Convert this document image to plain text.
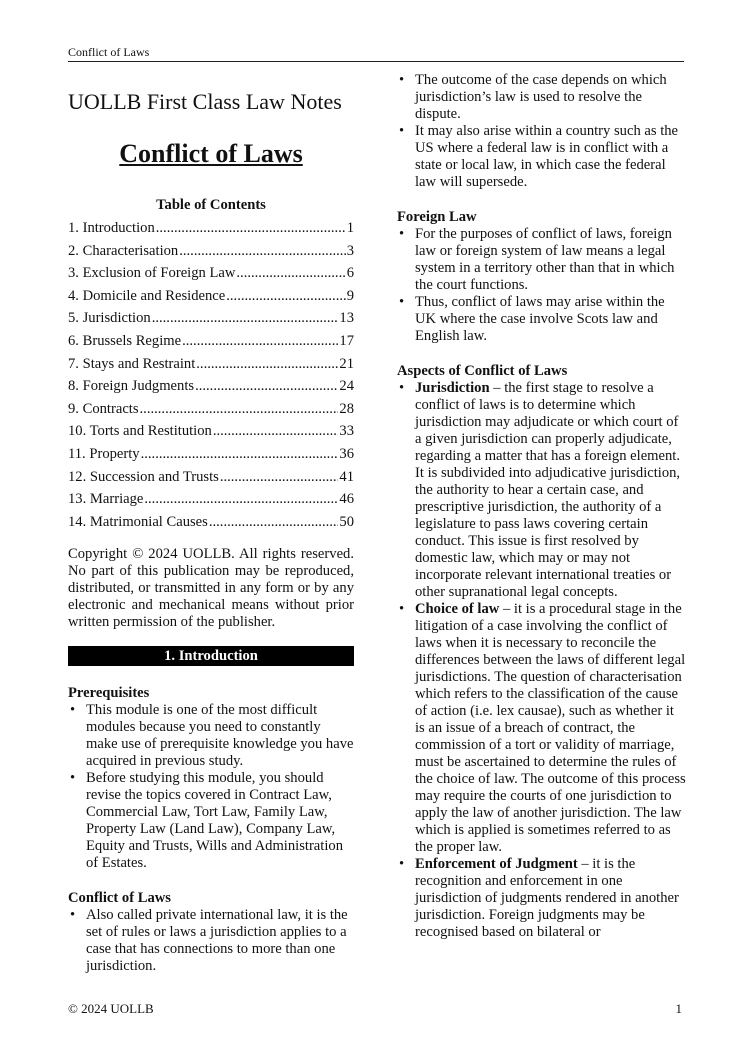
Conflict of Laws
UOLLB First Class Law Notes
Conflict of Laws
Table of Contents
1. Introduction .....	1
2. Characterisation .....	3
3. Exclusion of Foreign Law .....	6
4. Domicile and Residence .....	9
5. Jurisdiction .....	13
6. Brussels Regime .....	17
7. Stays and Restraint .....	21
8. Foreign Judgments .....	24
9. Contracts .....	28
10. Torts and Restitution .....	33
11. Property .....	36
12. Succession and Trusts .....	41
13. Marriage .....	46
14. Matrimonial Causes .....	50
Copyright © 2024 UOLLB. All rights reserved. No part of this publication may be reproduced, distributed, or transmitted in any form or by any electronic and mechanical means without prior written permission of the publisher.
1. Introduction
Prerequisites
• This module is one of the most difficult modules because you need to constantly make use of prerequisite knowledge you have acquired in previous study.
• Before studying this module, you should revise the topics covered in Contract Law, Commercial Law, Tort Law, Family Law, Property Law (Land Law), Company Law, Equity and Trusts, Wills and Administration of Estates.
Conflict of Laws
• Also called private international law, it is the set of rules or laws a jurisdiction applies to a case that has connections to more than one jurisdiction.
• The outcome of the case depends on which jurisdiction’s law is used to resolve the dispute.
• It may also arise within a country such as the US where a federal law is in conflict with a state or local law, in which case the federal law will supersede.
Foreign Law
• For the purposes of conflict of laws, foreign law or foreign system of law means a legal system in a territory other than that in which the court functions.
• Thus, conflict of laws may arise within the UK where the case involve Scots law and English law.
Aspects of Conflict of Laws
• Jurisdiction – the first stage to resolve a conflict of laws is to determine which jurisdiction may adjudicate or which court of a given jurisdiction can properly adjudicate, regarding a matter that has a foreign element. It is subdivided into adjudicative jurisdiction, the authority to hear a certain case, and prescriptive jurisdiction, the authority of a legislature to pass laws covering certain conduct. This issue is first resolved by domestic law, which may or may not incorporate relevant international treaties or other supranational legal concepts.
• Choice of law – it is a procedural stage in the litigation of a case involving the conflict of laws when it is necessary to reconcile the differences between the laws of different legal jurisdictions. The question of characterisation which refers to the classification of the cause of action (i.e. lex causae), such as whether it is an issue of a breach of contract, the commission of a tort or validity of marriage, must be ascertained to determine the rules of the choice of law. The outcome of this process may require the courts of one jurisdiction to apply the law of another jurisdiction. The law which is applied is sometimes referred to as the proper law.
• Enforcement of Judgment – it is the recognition and enforcement in one jurisdiction of judgments rendered in another jurisdiction. Foreign judgments may be recognised based on bilateral or
© 2024 UOLLB	1
